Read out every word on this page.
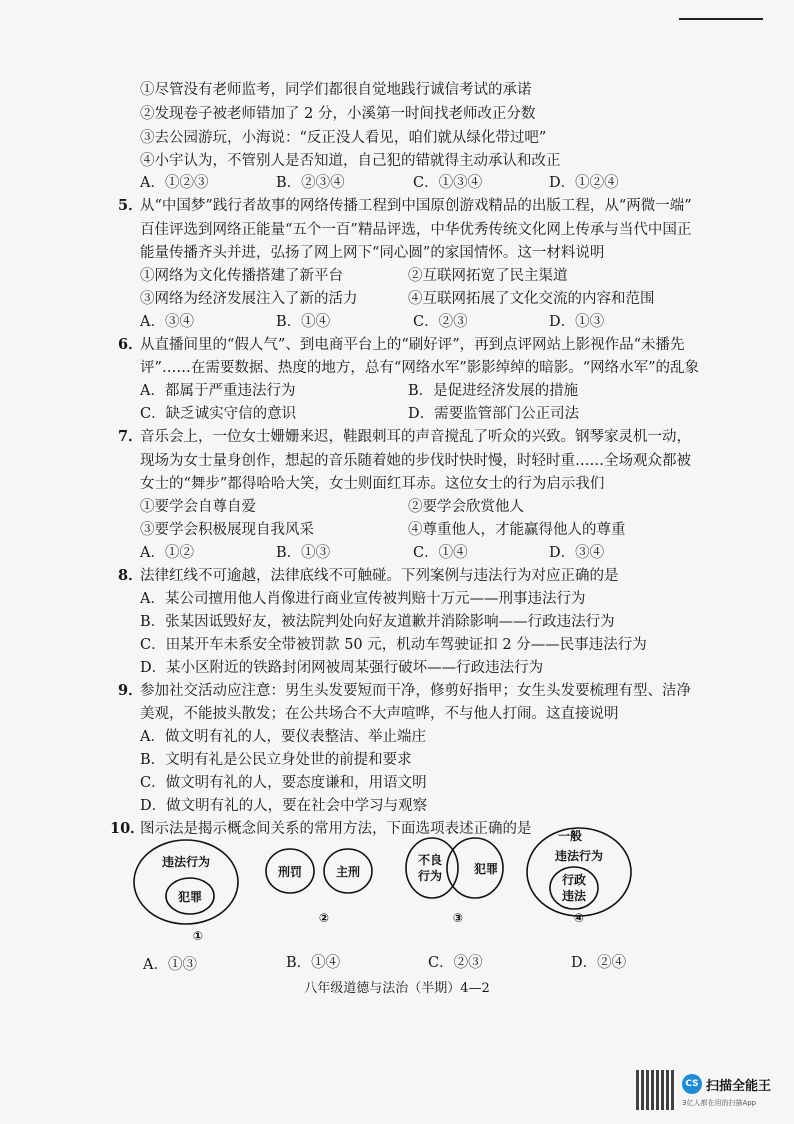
①尽管没有老师监考，同学们都很自觉地践行诚信考试的承诺
②发现卷子被老师错加了 2 分，小溪第一时间找老师改正分数
③去公园游玩，小海说：“反正没人看见，咱们就从绿化带过吧”
④小宇认为，不管别人是否知道，自己犯的错就得主动承认和改正
A．①②③	B．②③④	C．①③④	D．①②④
5．
从“中国梦”践行者故事的网络传播工程到中国原创游戏精品的出版工程，从“两微一端”
百佳评选到网络正能量“五个一百”精品评选，中华优秀传统文化网上传承与当代中国正
能量传播齐头并进，弘扬了网上网下“同心圆”的家国情怀。这一材料说明
①网络为文化传播搭建了新平台	②互联网拓宽了民主渠道
③网络为经济发展注入了新的活力	④互联网拓展了文化交流的内容和范围
A．③④	B．①④	C．②③	D．①③
6．
从直播间里的“假人气”、到电商平台上的“刷好评”，再到点评网站上影视作品“未播先
评”……在需要数据、热度的地方，总有“网络水军”影影绰绰的暗影。“网络水军”的乱象
A．都属于严重违法行为	B．是促进经济发展的措施
C．缺乏诚实守信的意识	D．需要监管部门公正司法
7．
音乐会上，一位女士姗姗来迟，鞋跟刺耳的声音搅乱了听众的兴致。钢琴家灵机一动，
现场为女士量身创作，想起的音乐随着她的步伐时快时慢，时轻时重……全场观众都被
女士的“舞步”都得哈哈大笑，女士则面红耳赤。这位女士的行为启示我们
①要学会自尊自爱	②要学会欣赏他人
③要学会积极展现自我风采	④尊重他人，才能赢得他人的尊重
A．①②	B．①③	C．①④	D．③④
8．
法律红线不可逾越，法律底线不可触碰。下列案例与违法行为对应正确的是
A．某公司擅用他人肖像进行商业宣传被判赔十万元——刑事违法行为
B．张某因诋毁好友，被法院判处向好友道歉并消除影响——行政违法行为
C．田某开车未系安全带被罚款 50 元，机动车驾驶证扣 2 分——民事违法行为
D．某小区附近的铁路封闭网被周某强行破坏——行政违法行为
9．
参加社交活动应注意：男生头发要短而干净，修剪好指甲；女生头发要梳理有型、洁净
美观，不能披头散发；在公共场合不大声喧哗，不与他人打闹。这直接说明
A．做文明有礼的人，要仪表整洁、举止端庄
B．文明有礼是公民立身处世的前提和要求
C．做文明有礼的人，要态度谦和，用语文明
D．做文明有礼的人，要在社会中学习与观察
10．
图示法是揭示概念间关系的常用方法，下面选项表述正确的是
违法行为
犯罪
①
刑罚	主刑
②
不良
行为	犯罪
③
一般
违法行为
行政
违法
④
A．①③	B．①④	C．②③	D．②④
八年级道德与法治（半期）4—2
CS 扫描全能王
3亿人都在用的扫描App
